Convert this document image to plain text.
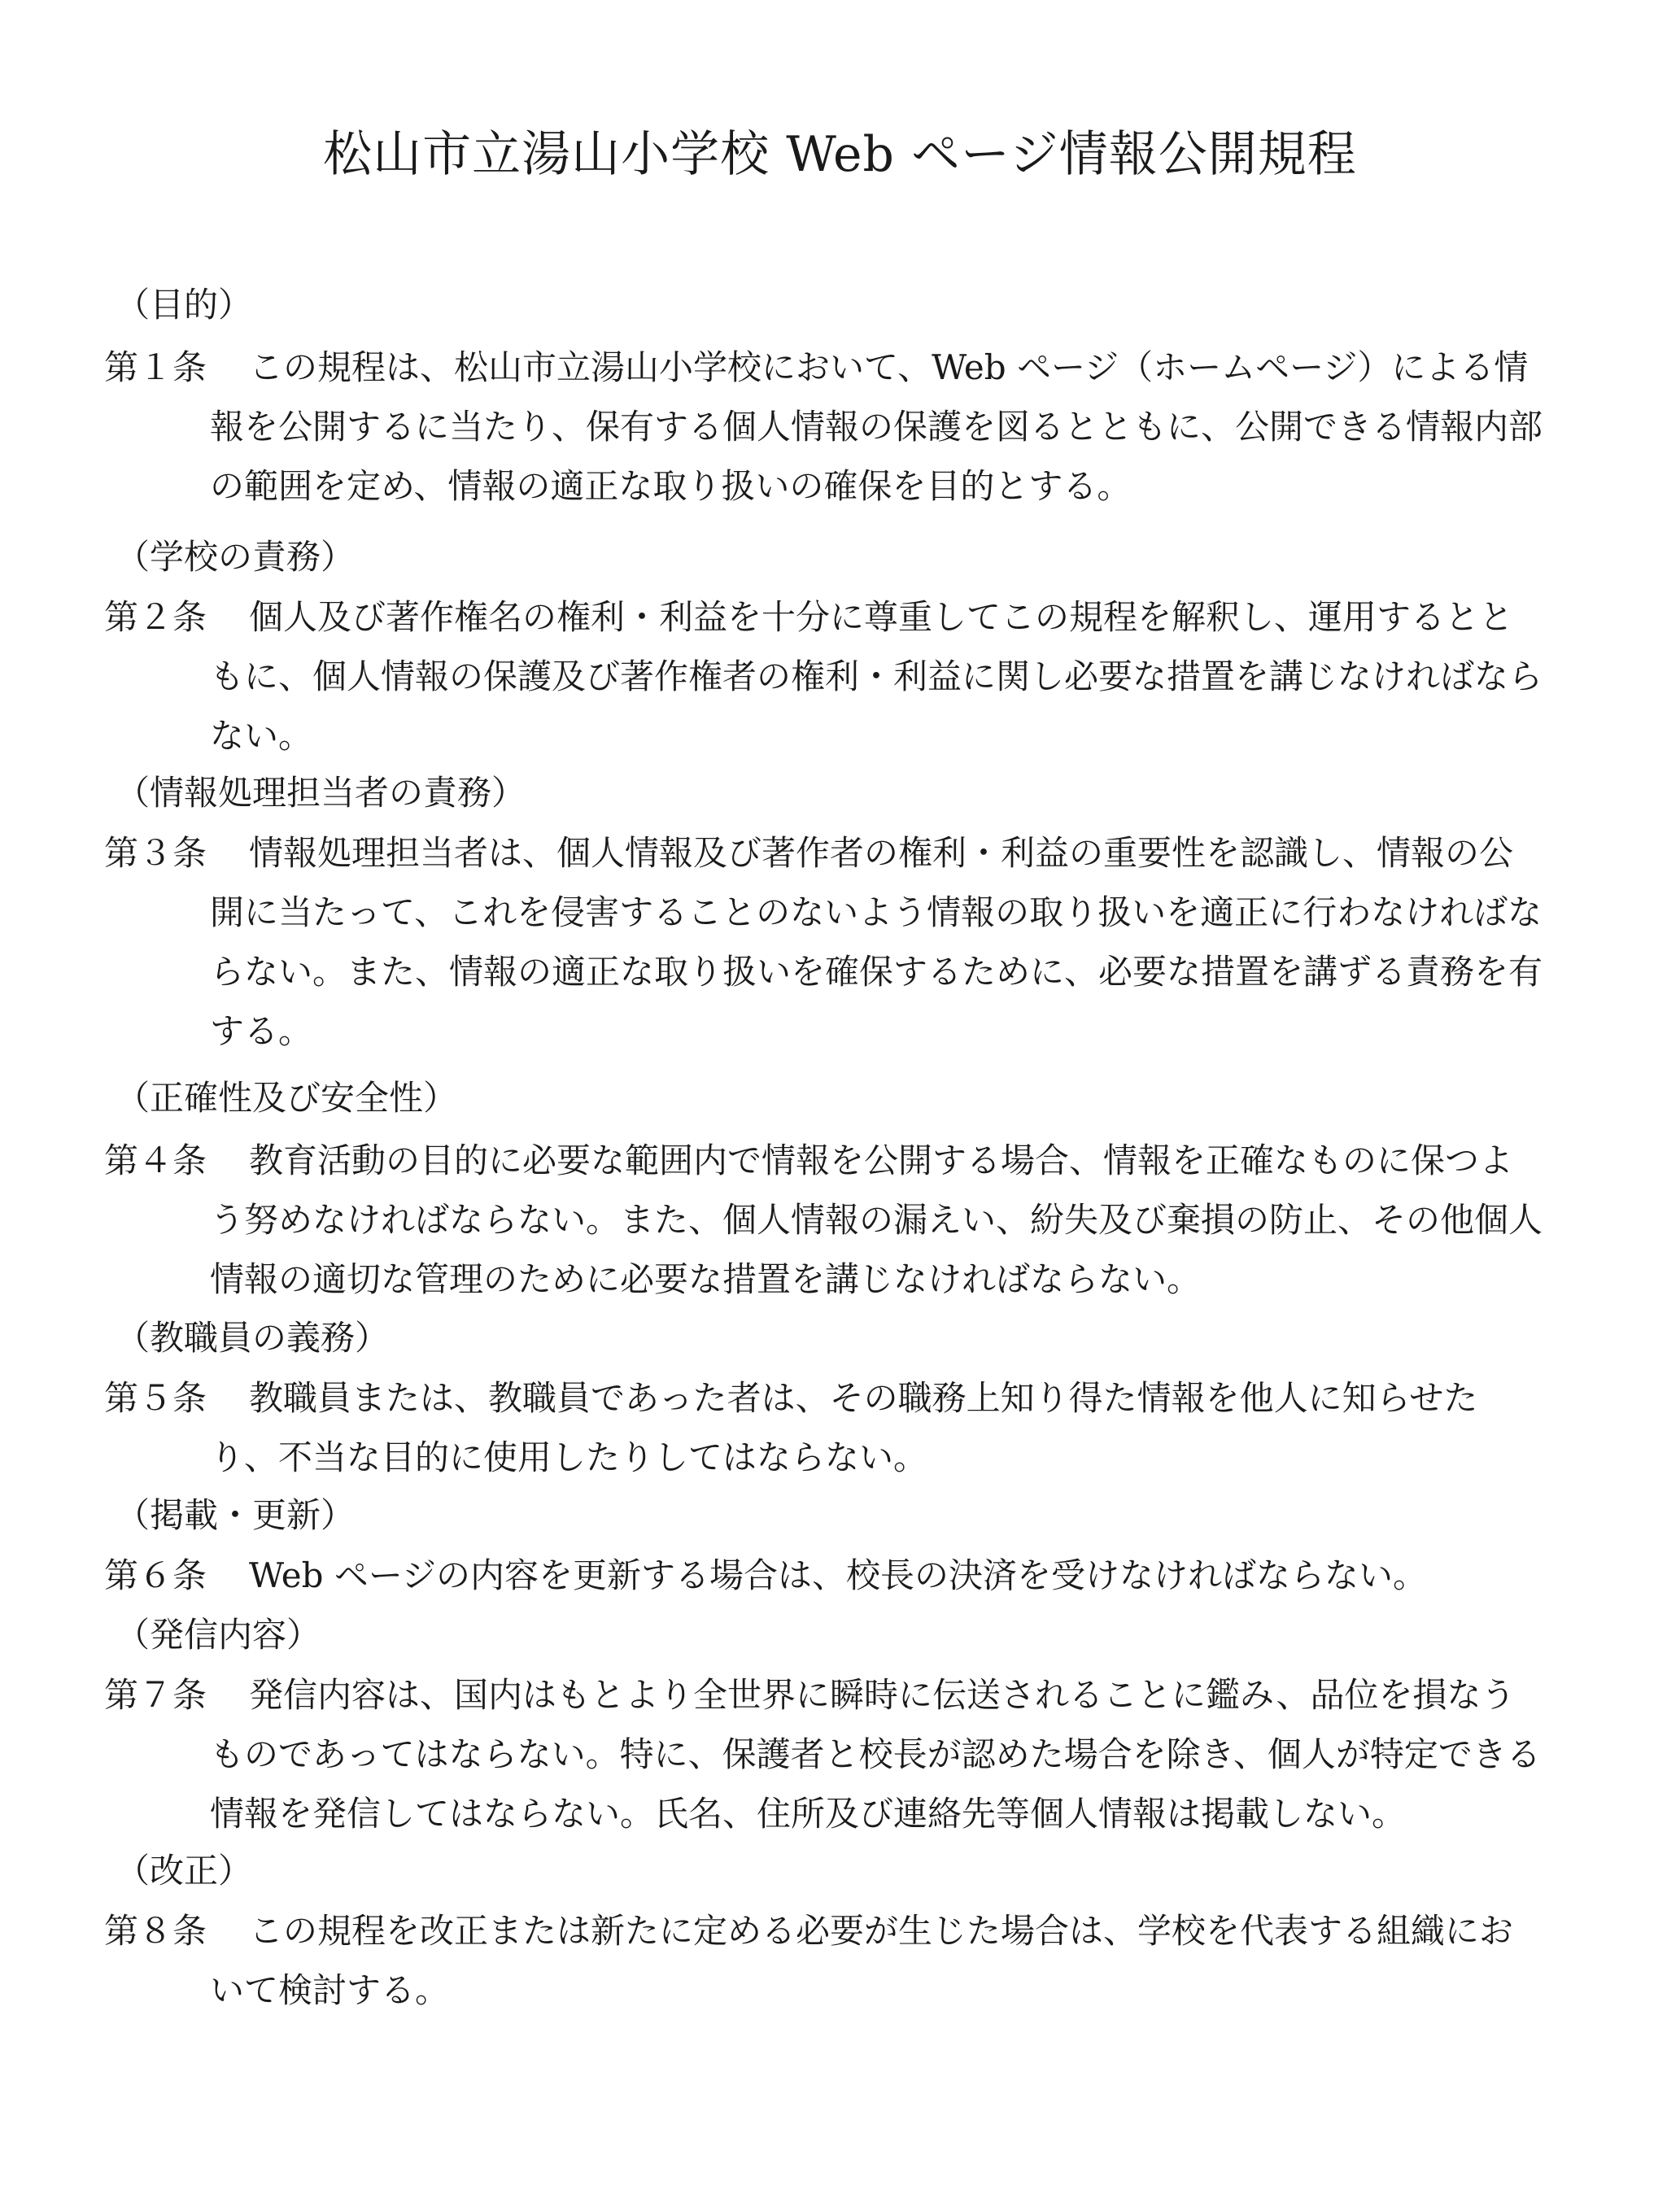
松山市立湯山小学校 Web ページ情報公開規程
（目的）
第１条	この規程は、松山市立湯山小学校において、Web ページ（ホームページ）による情報を公開するに当たり、保有する個人情報の保護を図るとともに、公開できる情報内部の範囲を定め、情報の適正な取り扱いの確保を目的とする。
（学校の責務）
第２条	個人及び著作権名の権利・利益を十分に尊重してこの規程を解釈し、運用するとともに、個人情報の保護及び著作権者の権利・利益に関し必要な措置を講じなければならない。
（情報処理担当者の責務）
第３条	情報処理担当者は、個人情報及び著作者の権利・利益の重要性を認識し、情報の公開に当たって、これを侵害することのないよう情報の取り扱いを適正に行わなければならない。また、情報の適正な取り扱いを確保するために、必要な措置を講ずる責務を有する。
（正確性及び安全性）
第４条	教育活動の目的に必要な範囲内で情報を公開する場合、情報を正確なものに保つよう努めなければならない。また、個人情報の漏えい、紛失及び棄損の防止、その他個人情報の適切な管理のために必要な措置を講じなければならない。
（教職員の義務）
第５条	教職員または、教職員であった者は、その職務上知り得た情報を他人に知らせたり、不当な目的に使用したりしてはならない。
（掲載・更新）
第６条	Web ページの内容を更新する場合は、校長の決済を受けなければならない。
（発信内容）
第７条	発信内容は、国内はもとより全世界に瞬時に伝送されることに鑑み、品位を損なうものであってはならない。特に、保護者と校長が認めた場合を除き、個人が特定できる情報を発信してはならない。氏名、住所及び連絡先等個人情報は掲載しない。
（改正）
第８条	この規程を改正または新たに定める必要が生じた場合は、学校を代表する組織において検討する。
